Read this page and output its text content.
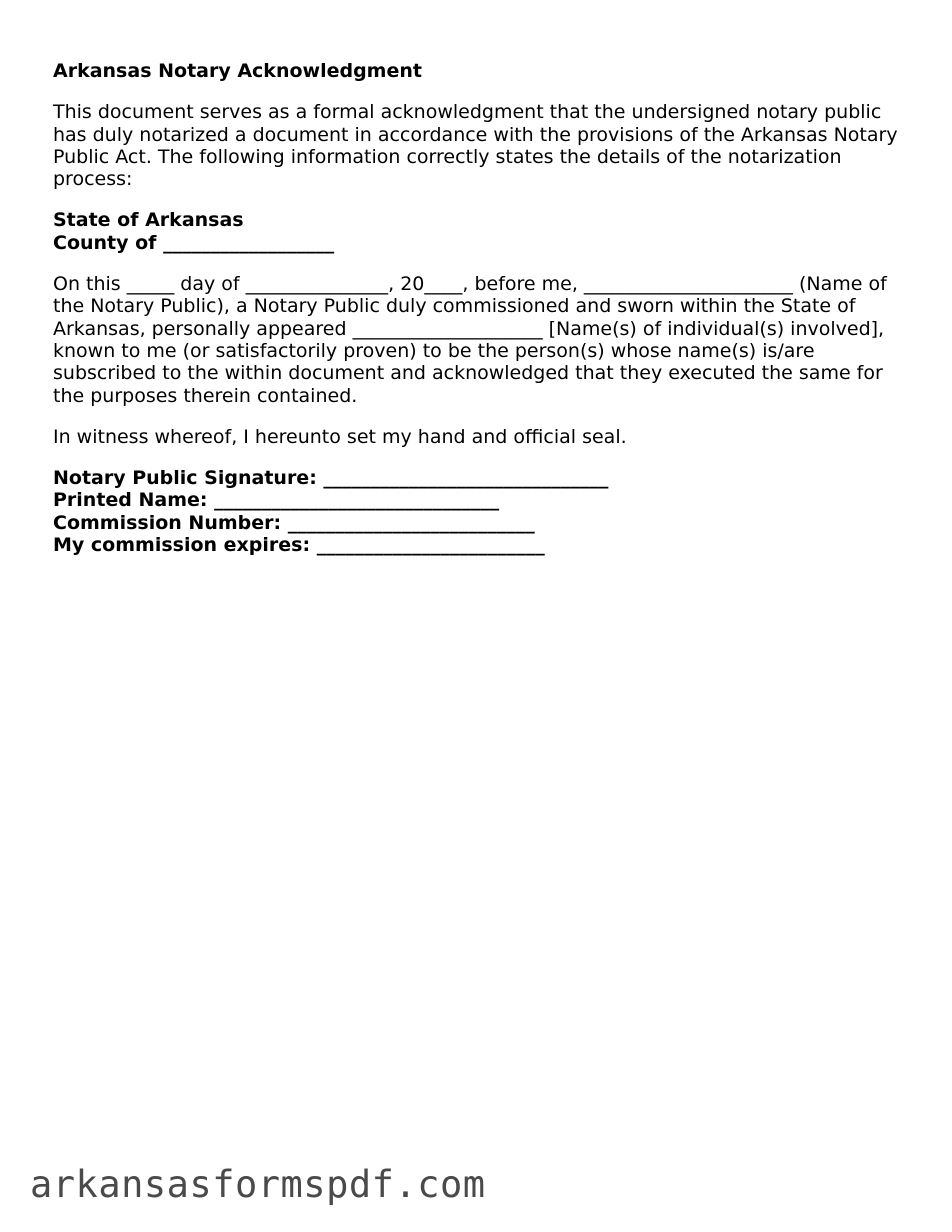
Arkansas Notary Acknowledgment

This document serves as a formal acknowledgment that the undersigned notary public has duly notarized a document in accordance with the provisions of the Arkansas Notary Public Act. The following information correctly states the details of the notarization process:

State of Arkansas
County of __________________

On this _____ day of _______________, 20____, before me, ______________________ (Name of the Notary Public), a Notary Public duly commissioned and sworn within the State of Arkansas, personally appeared ____________________ [Name(s) of individual(s) involved], known to me (or satisfactorily proven) to be the person(s) whose name(s) is/are subscribed to the within document and acknowledged that they executed the same for the purposes therein contained.

In witness whereof, I hereunto set my hand and official seal.

Notary Public Signature: ______________________________
Printed Name: ______________________________
Commission Number: __________________________
My commission expires: ________________________
arkansasformspdf.com
